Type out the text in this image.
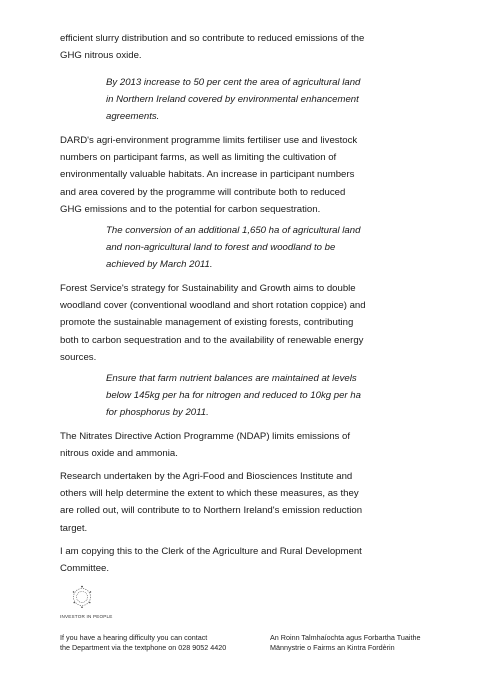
efficient slurry distribution and so contribute to reduced emissions of the
GHG nitrous oxide.

By 2013 increase to 50 per cent the area of agricultural land
in Northern Ireland covered by environmental enhancement
agreements.

DARD's agri-environment programme limits fertiliser use and livestock
numbers on participant farms, as well as limiting the cultivation of
environmentally valuable habitats. An increase in participant numbers
and area covered by the programme will contribute both to reduced
GHG emissions and to the potential for carbon sequestration.

The conversion of an additional 1,650 ha of agricultural land
and non-agricultural land to forest and woodland to be
achieved by March 2011.

Forest Service's strategy for Sustainability and Growth aims to double
woodland cover (conventional woodland and short rotation coppice) and
promote the sustainable management of existing forests, contributing
both to carbon sequestration and to the availability of renewable energy
sources.

Ensure that farm nutrient balances are maintained at levels
below 145kg per ha for nitrogen and reduced to 10kg per ha
for phosphorus by 2011.

The Nitrates Directive Action Programme (NDAP) limits emissions of
nitrous oxide and ammonia.

Research undertaken by the Agri-Food and Biosciences Institute and
others will help determine the extent to which these measures, as they
are rolled out, will contribute to to Northern Ireland's emission reduction
target.

I am copying this to the Clerk of the Agriculture and Rural Development
Committee.

INVESTOR IN PEOPLE
If you have a hearing difficulty you can contact
the Department via the textphone on 028 9052 4420
An Roinn Talmhaíochta agus Forbartha Tuaithe
Männystrie o Fairms an Kintra Fordèrin
